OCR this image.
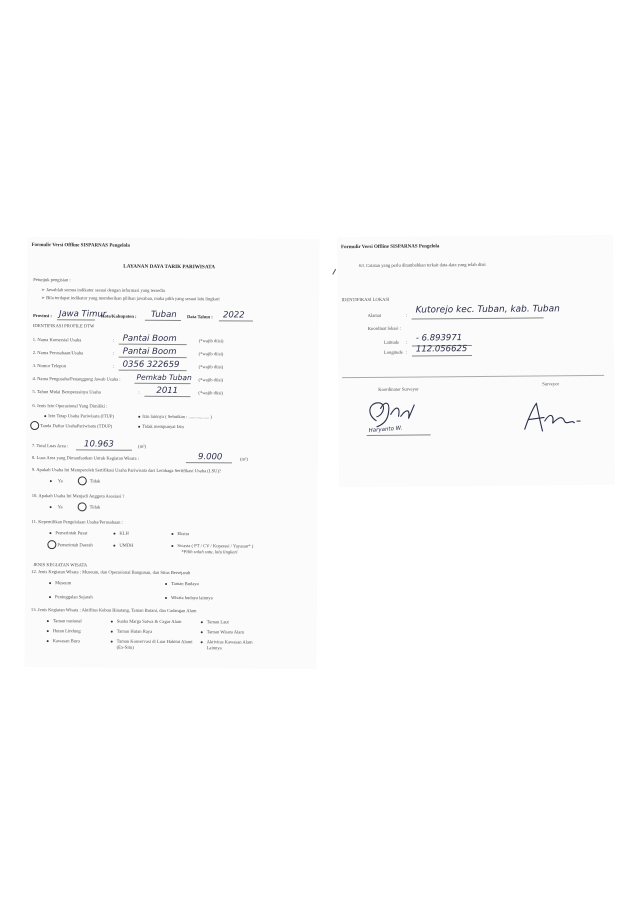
Formulir Versi Offline SISPARNAS Pengelola
LAYANAN DAYA TARIK PARIWISATA
Petunjuk pengisian :
➢ Jawablah semua indikator sesuai dengan informasi yang tersedia
➢ Bila terdapat indikator yang memberikan pilihan jawaban, maka pilih yang sesuai lalu lingkari
Provinsi : Jawa Timur
Kota/Kabupaten : Tuban Data Tahun : 2022
IDENTIFIKASI PROFILE DTW
1. Nama Komersial Usaha	: Pantai Boom	(*wajib diisi)
2. Nama Perusahaan/Usaha	: Pantai Boom	(*wajib diisi)
3. Nomor Telepon	: 0356 322659	(*wajib diisi)
4. Nama Pengusaha/Penanggung Jawab Usaha : Pemkab Tuban (*wajib diisi)
5. Tahun Mulai Beroperasinya Usaha	: 2011	(*wajib diisi)
6. Jenis Izin Operasional Yang Dimiliki :
Izin Tetap Usaha Pariwisata (ITUP)	Izin lainnya ( Sebutkan : .................. )
Tanda Daftar UsahaPariwisata (TDUP)	Tidak mempunyai Izin
7. Total Luas Area : 10.963	(m²)
8. Luas Area yang Dimanfaatkan Untuk Kegiatan Wisata :	9.000	(m²)
9. Apakah Usaha Ini Memperoleh Sertifikasi Usaha Pariwisata dari Lembaga Sertifikasi Usaha (LSU)?
Ya	Tidak
10. Apakah Usaha Ini Menjadi Anggota Asosiasi ?
Ya	Tidak
11. Kepemilikan Pengelolaan Usaha/Perusahaan :
Pemerintah Pusat	KLH	Ekstra
Pemerintah Daerah	UMDH	Swasta ( PT / CV / Koperasi / Yayasan* )
*Pilih salah satu, lalu lingkari
JENIS KEGIATAN WISATA
12. Jenis Kegiatan Wisata : Museum, dan Operasional Bangunan, dan Situs Bersejarah
Museum	Taman Budaya
Peninggalan Sejarah	Wisata budaya lainnya
13. Jenis Kegiatan Wisata : Aktifitas Kebun Binatang, Taman Botani, dan Cadangan Alam
Taman nasional	Suaka Marga Satwa & Cagar Alam	Taman Laut
Hutan Lindung	Taman Hutan Raya	Taman Wisata Alam
Kawasan Buru	Taman Konservasi di Luar Habitat Alami (Ex-Situ)
Aktivitas Kawasan Alam Lainnya
Formulir Versi Offline SISPARNAS Pengelola
63. Catatan yang perlu ditambahkan terkait data-data yang telah diisi
IDENTIFIKASI LOKASI
Alamat	: Kutorejo kec. Tuban, kab. Tuban
Koordinat lokasi :
Latitude : - 6.893971
Longitude : 112.056625
Koordinator Surveyor
Surveyor
Haryanto W.
